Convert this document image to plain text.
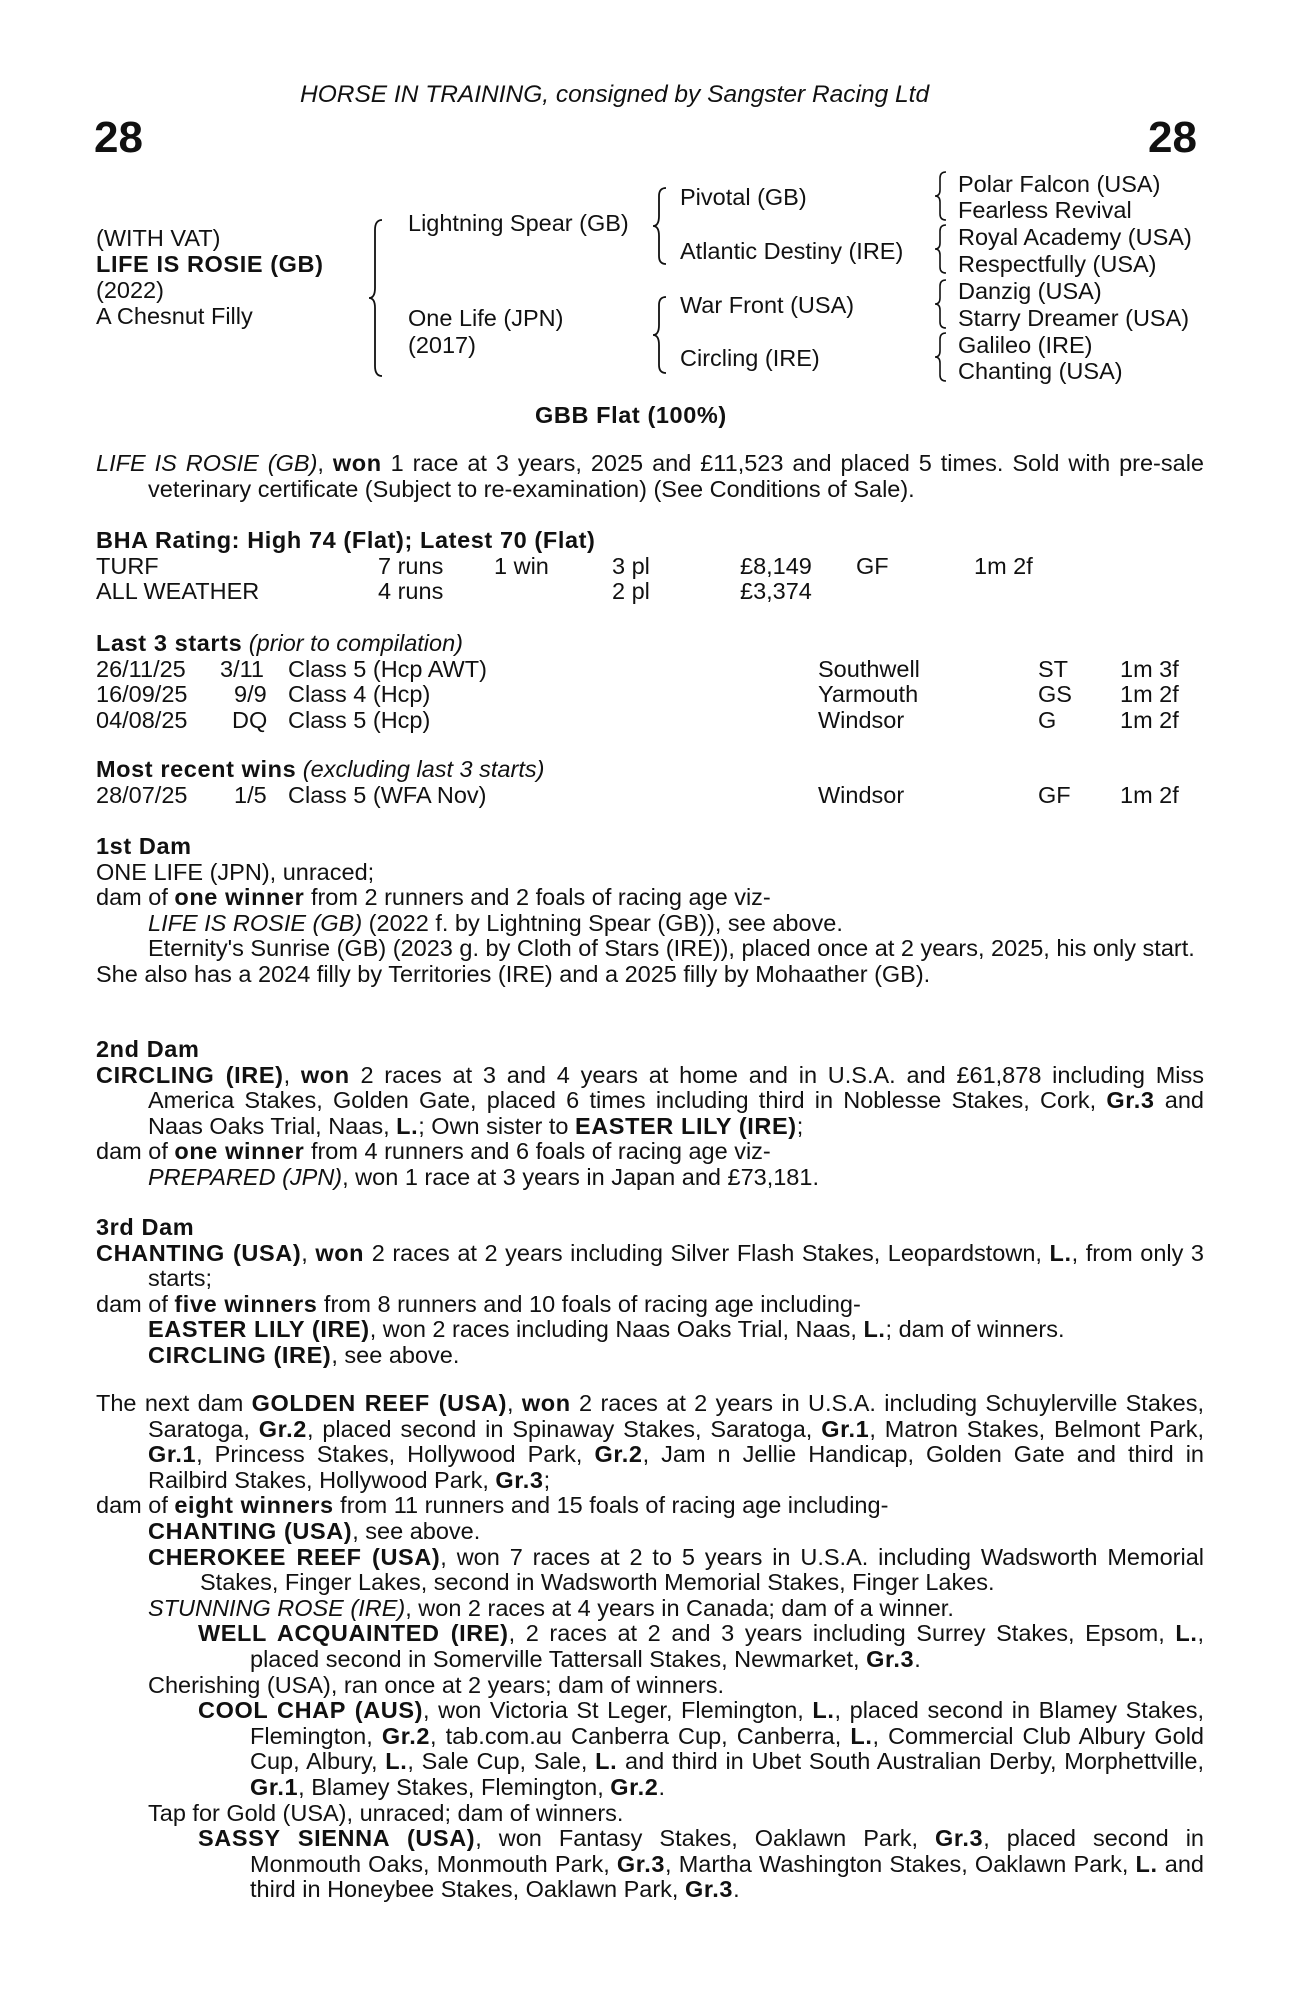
HORSE IN TRAINING, consigned by Sangster Racing Ltd
28	28
(WITH VAT)
LIFE IS ROSIE (GB)
(2022)
A Chesnut Filly
Lightning Spear (GB)
One Life (JPN)
(2017)
Pivotal (GB)
Atlantic Destiny (IRE)
War Front (USA)
Circling (IRE)
Polar Falcon (USA)
Fearless Revival
Royal Academy (USA)
Respectfully (USA)
Danzig (USA)
Starry Dreamer (USA)
Galileo (IRE)
Chanting (USA)
GBB Flat (100%)

LIFE IS ROSIE (GB), won 1 race at 3 years, 2025 and £11,523 and placed 5 times. Sold with pre-sale veterinary certificate (Subject to re-examination) (See Conditions of Sale).

BHA Rating: High 74 (Flat); Latest 70 (Flat)
TURF	7 runs 1 win	3 pl	£8,149 GF	1m 2f
ALL WEATHER	4 runs	2 pl	£3,374
Last 3 starts (prior to compilation)
26/11/25 3/11 Class 5 (Hcp AWT)	Southwell	ST 1m 3f
16/09/25 9/9 Class 4 (Hcp)	Yarmouth	GS 1m 2f
04/08/25 DQ Class 5 (Hcp)	Windsor	G	1m 2f
Most recent wins (excluding last 3 starts)
28/07/25 1/5 Class 5 (WFA Nov)	Windsor	GF 1m 2f
1st Dam

ONE LIFE (JPN), unraced;

dam of one winner from 2 runners and 2 foals of racing age viz-

LIFE IS ROSIE (GB) (2022 f. by Lightning Spear (GB)), see above.

Eternity's Sunrise (GB) (2023 g. by Cloth of Stars (IRE)), placed once at 2 years, 2025, his only start.

She also has a 2024 filly by Territories (IRE) and a 2025 filly by Mohaather (GB).

2nd Dam

CIRCLING (IRE), won 2 races at 3 and 4 years at home and in U.S.A. and £61,878 including Miss America Stakes, Golden Gate, placed 6 times including third in Noblesse Stakes, Cork, Gr.3 and Naas Oaks Trial, Naas, L.; Own sister to EASTER LILY (IRE);

dam of one winner from 4 runners and 6 foals of racing age viz-

PREPARED (JPN), won 1 race at 3 years in Japan and £73,181.

3rd Dam

CHANTING (USA), won 2 races at 2 years including Silver Flash Stakes, Leopardstown, L., from only 3 starts;

dam of five winners from 8 runners and 10 foals of racing age including-

EASTER LILY (IRE), won 2 races including Naas Oaks Trial, Naas, L.; dam of winners.

CIRCLING (IRE), see above.

The next dam GOLDEN REEF (USA), won 2 races at 2 years in U.S.A. including Schuylerville Stakes, Saratoga, Gr.2, placed second in Spinaway Stakes, Saratoga, Gr.1, Matron Stakes, Belmont Park, Gr.1, Princess Stakes, Hollywood Park, Gr.2, Jam n Jellie Handicap, Golden Gate and third in Railbird Stakes, Hollywood Park, Gr.3;

dam of eight winners from 11 runners and 15 foals of racing age including-

CHANTING (USA), see above.

CHEROKEE REEF (USA), won 7 races at 2 to 5 years in U.S.A. including Wadsworth Memorial Stakes, Finger Lakes, second in Wadsworth Memorial Stakes, Finger Lakes.

STUNNING ROSE (IRE), won 2 races at 4 years in Canada; dam of a winner.

WELL ACQUAINTED (IRE), 2 races at 2 and 3 years including Surrey Stakes, Epsom, L., placed second in Somerville Tattersall Stakes, Newmarket, Gr.3.

Cherishing (USA), ran once at 2 years; dam of winners.

COOL CHAP (AUS), won Victoria St Leger, Flemington, L., placed second in Blamey Stakes, Flemington, Gr.2, tab.com.au Canberra Cup, Canberra, L., Commercial Club Albury Gold Cup, Albury, L., Sale Cup, Sale, L. and third in Ubet South Australian Derby, Morphettville, Gr.1, Blamey Stakes, Flemington, Gr.2.

Tap for Gold (USA), unraced; dam of winners.

SASSY SIENNA (USA), won Fantasy Stakes, Oaklawn Park, Gr.3, placed second in Monmouth Oaks, Monmouth Park, Gr.3, Martha Washington Stakes, Oaklawn Park, L. and third in Honeybee Stakes, Oaklawn Park, Gr.3.
